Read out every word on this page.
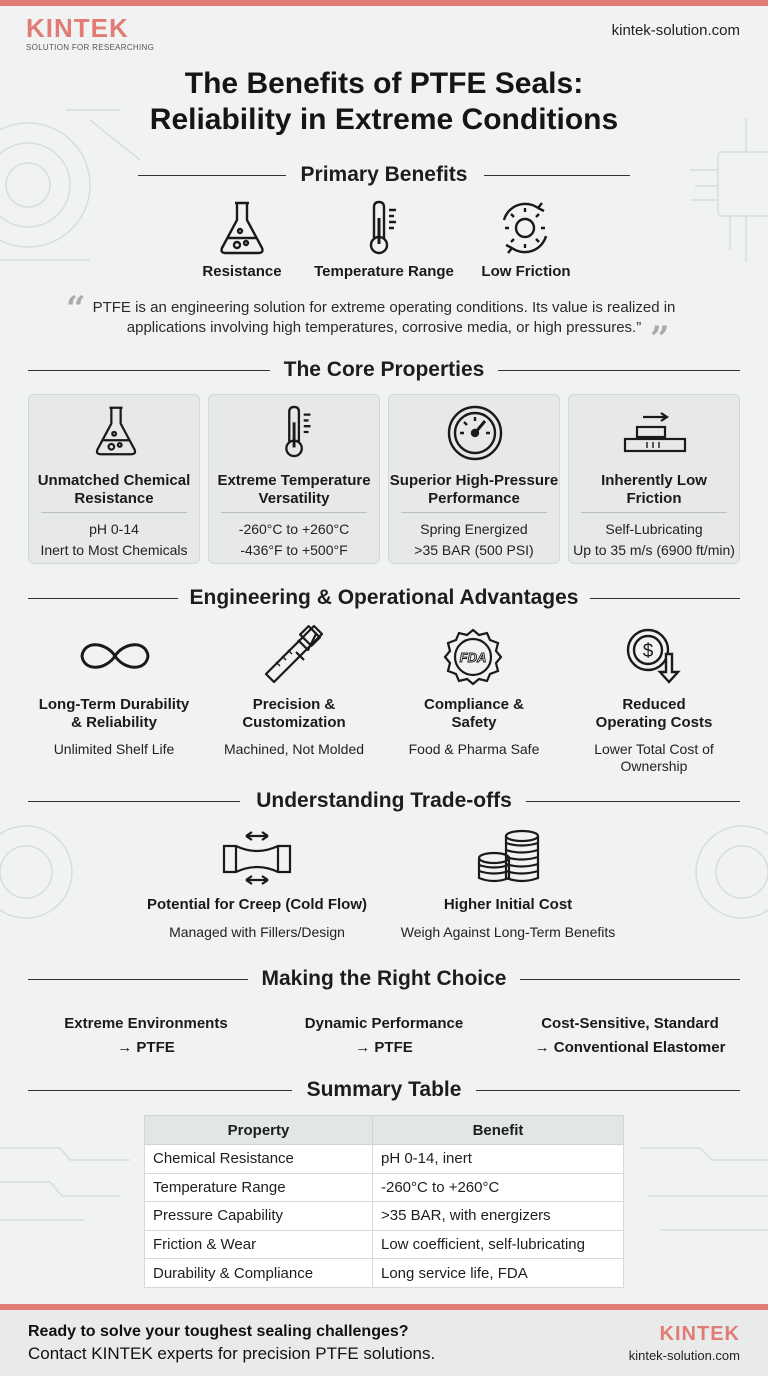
KINTEK
SOLUTION FOR RESEARCHING
kintek-solution.com
The Benefits of PTFE Seals:
Reliability in Extreme Conditions
Primary Benefits
Resistance	Temperature Range	Low Friction
“ PTFE is an engineering solution for extreme operating conditions. Its value is realized in applications involving high temperatures, corrosive media, or high pressures.” ”
The Core Properties
Unmatched Chemical
Resistance
pH 0-14
Inert to Most Chemicals
Extreme Temperature
Versatility
-260°C to +260°C
-436°F to +500°F
Superior High-Pressure
Performance
Spring Energized
>35 BAR (500 PSI)
Inherently Low
Friction
Self-Lubricating
Up to 35 m/s (6900 ft/min)
Engineering & Operational Advantages
FDA	$
Long-Term Durability
& Reliability
Precision &
Customization
Compliance &
Safety
Reduced
Operating Costs
Unlimited Shelf Life	Machined, Not Molded	Food & Pharma Safe	Lower Total Cost of
Ownership
Understanding Trade-offs
Potential for Creep (Cold Flow)
Managed with Fillers/Design
Higher Initial Cost
Weigh Against Long-Term Benefits
Making the Right Choice
Extreme Environments
→ PTFE
Dynamic Performance
→ PTFE
Cost-Sensitive, Standard
→ Conventional Elastomer
Summary Table
Property	Benefit
Chemical Resistance	pH 0-14, inert
Temperature Range	-260°C to +260°C
Pressure Capability	>35 BAR, with energizers
Friction & Wear	Low coefficient, self-lubricating
Durability & Compliance	Long service life, FDA
Ready to solve your toughest sealing challenges?
Contact KINTEK experts for precision PTFE solutions.
KINTEK
kintek-solution.com
